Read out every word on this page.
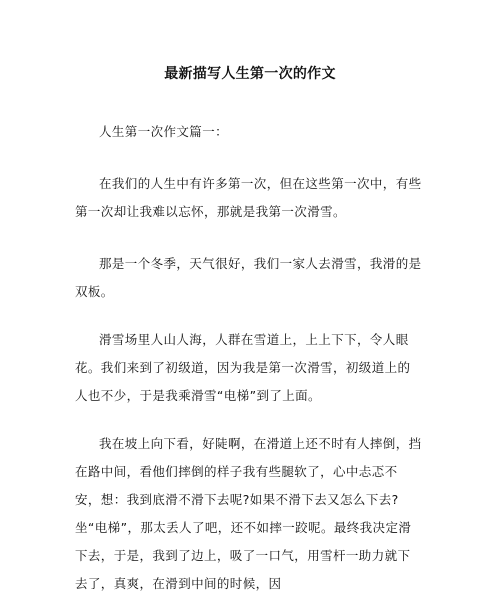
最新描写人生第一次的作文

人生第一次作文篇一：

在我们的人生中有许多第一次，但在这些第一次中，有些第一次却让我难以忘怀，那就是我第一次滑雪。

那是一个冬季，天气很好，我们一家人去滑雪，我滑的是双板。

滑雪场里人山人海，人群在雪道上，上上下下，令人眼花。我们来到了初级道，因为我是第一次滑雪，初级道上的人也不少，于是我乘滑雪“电梯”到了上面。

我在坡上向下看，好陡啊，在滑道上还不时有人摔倒，挡在路中间，看他们摔倒的样子我有些腿软了，心中忐忑不安，想：我到底滑不滑下去呢?如果不滑下去又怎么下去?坐“电梯”，那太丢人了吧，还不如摔一跤呢。最终我决定滑下去，于是，我到了边上，吸了一口气，用雪杆一助力就下去了，真爽，在滑到中间的时候，因
